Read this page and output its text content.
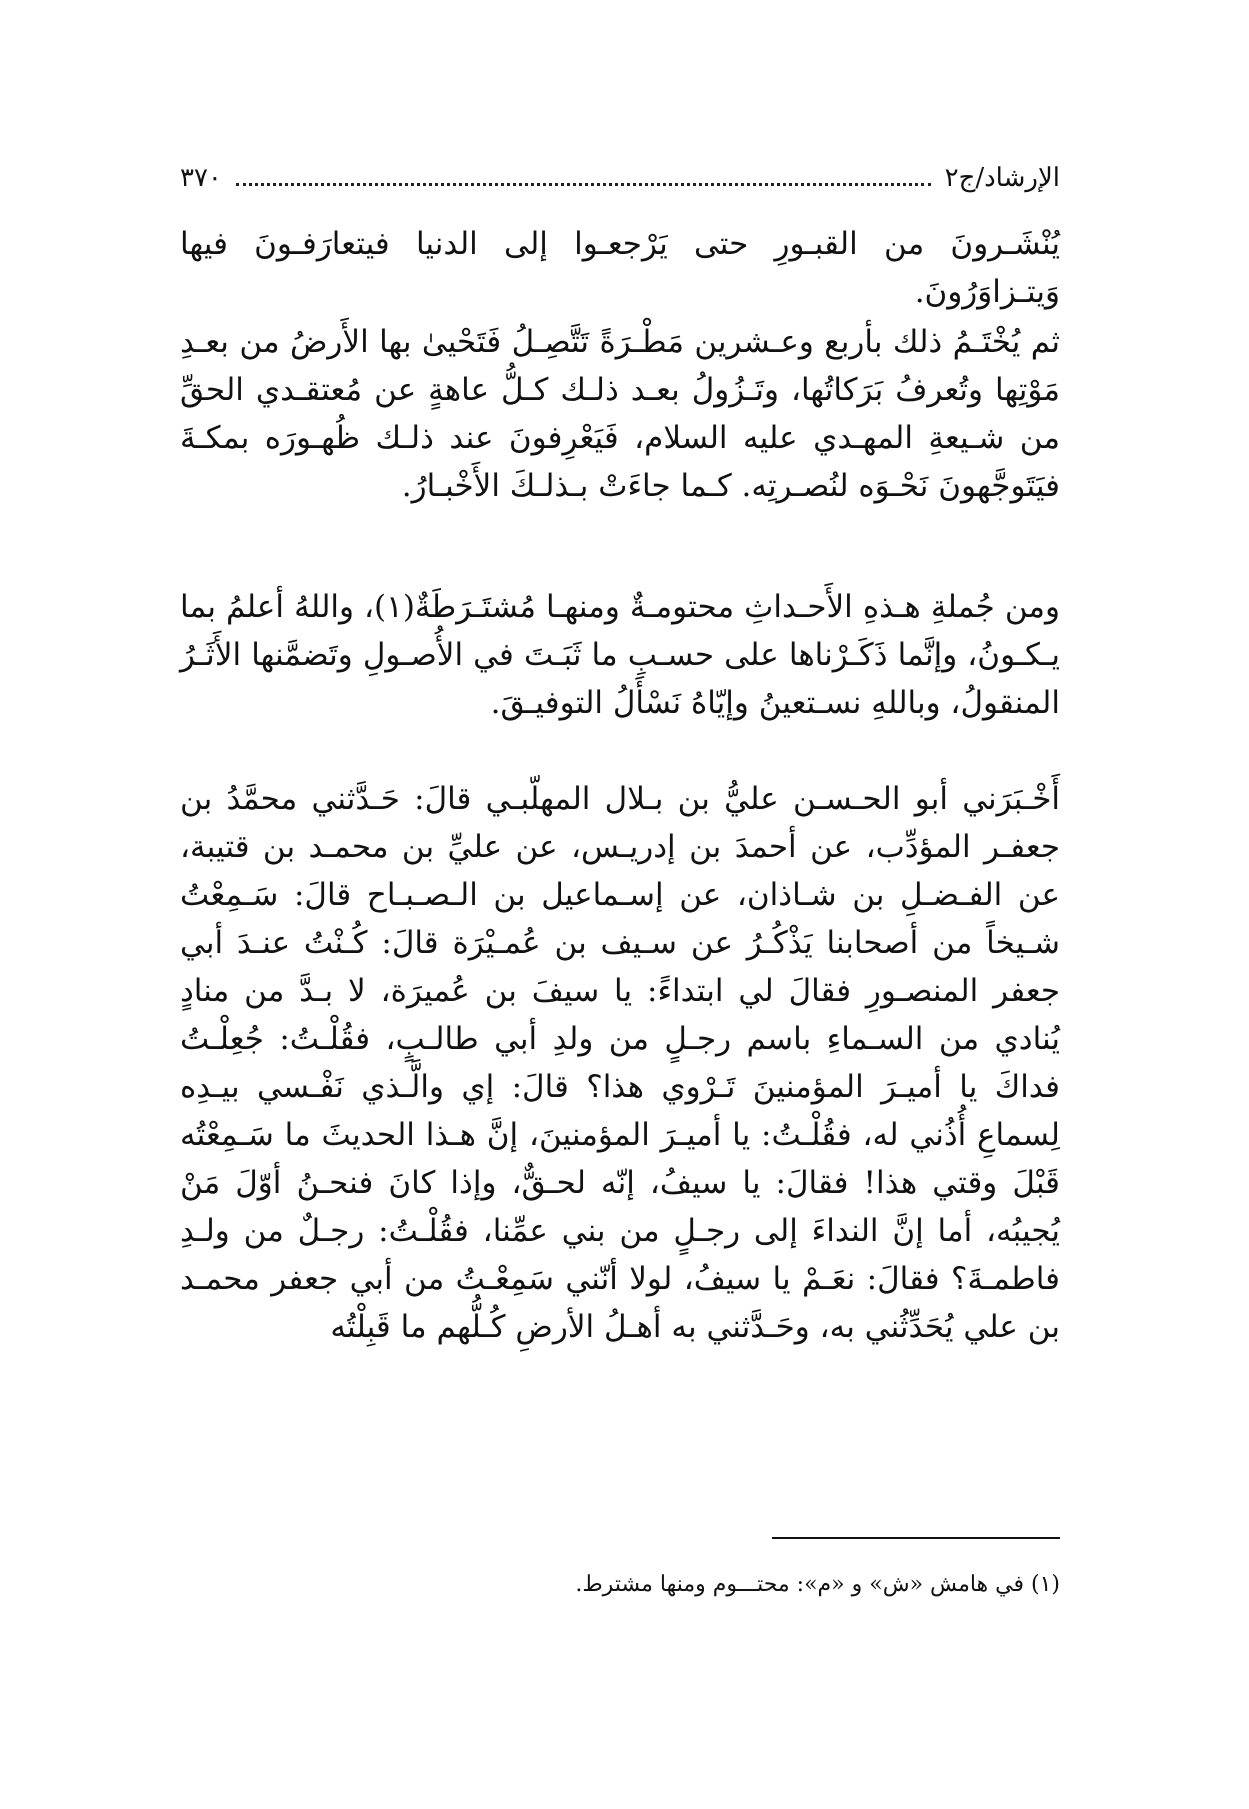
٣٧٠	الإرشاد/ج٢

يُنْشَـرونَ من القبـورِ حتى يَرْجعـوا إلى الدنيا فيتعارَفـونَ فيها وَيتـزاوَرُونَ.

ثم يُخْتَـمُ ذلك بأربع وعـشرين مَطْـرَةً تَتَّصِـلُ فَتَحْيىٰ بها الأَرضُ من بعـدِ مَوْتِها وتُعرفُ بَرَكاتُها، وتَـزُولُ بعـد ذلـك كـلُّ عاهةٍ عن مُعتقـدي الحقِّ من شـيعةِ المهـدي عليه السلام، فَيَعْرِفونَ عند ذلـك ظُهـورَه بمكـةَ فيَتَوجَّهونَ نَحْـوَه لنُصـرتِه. كـما جاءَتْ بـذلـكَ الأَخْبـارُ.

ومن جُملةِ هـذهِ الأَحـداثِ محتومـةٌ ومنهـا مُشتَـرَطَةٌ(١)، واللهُ أعلمُ بما يـكـونُ، وإنَّما ذَكَـرْناها على حسـبِ ما ثَبَـتَ في الأُصـولِ وتَضمَّنها الأَثَـرُ المنقولُ، وباللهِ نسـتعينُ وإيّاهُ نَسْأَلُ التوفيـقَ.

أَخْـبَرَني أبو الحـسـن عليُّ بن بـلال المهلّبـي قالَ: حَـدَّثني محمَّدُ بن جعفـر المؤدِّب، عن أحمدَ بن إدريـس، عن عليِّ بن محمـد بن قتيبة، عن الفـضـلِ بن شـاذان، عن إسـماعيل بن الـصـبـاح قالَ: سَـمِعْتُ شـيخاً من أصحابنا يَذْكُـرُ عن سـيف بن عُمـيْرَة قالَ: كُـنْتُ عنـدَ أبي جعفر المنصـورِ فقالَ لي ابتداءً: يا سيفَ بن عُميرَة، لا بـدَّ من منادٍ يُنادي من السـماءِ باسم رجـلٍ من ولدِ أبي طالـبٍ، فقُلْـتُ: جُعِلْـتُ فداكَ يا أميـرَ المؤمنينَ تَـرْوي هذا؟ قالَ: إي والَّـذي نَفْـسي بيـدِه لِسماعِ أُذُني له، فقُلْـتُ: يا أميـرَ المؤمنينَ، إنَّ هـذا الحديثَ ما سَـمِعْتُه قَبْلَ وقتي هذا! فقالَ: يا سيفُ، إنّه لحـقٌّ، وإذا كانَ فنحـنُ أوّلَ مَنْ يُجيبُه، أما إنَّ النداءَ إلى رجـلٍ من بني عمِّنا، فقُلْـتُ: رجـلٌ من ولـدِ فاطمـةَ؟ فقالَ: نعَـمْ يا سيفُ، لولا أنّني سَمِعْـتُ من أبي جعفر محمـد بن علي يُحَدِّثُني به، وحَـدَّثني به أهـلُ الأرضِ كُـلُّهم ما قَبِلْتُه

(١) في هامش «ش» و «م»: محتـــوم ومنها مشترط.
